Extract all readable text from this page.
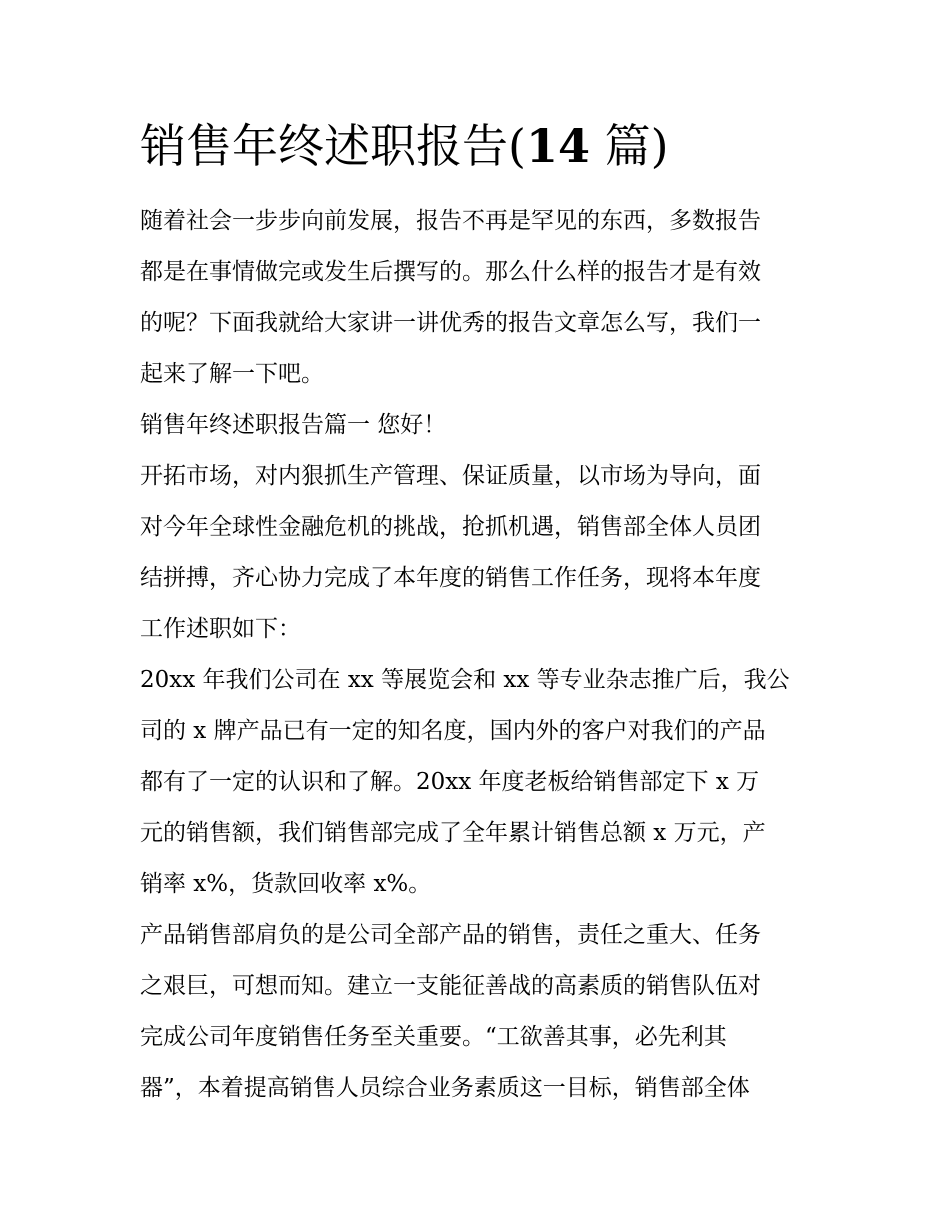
销售年终述职报告(14 篇)

随着社会一步步向前发展，报告不再是罕见的东西，多数报告

都是在事情做完或发生后撰写的。那么什么样的报告才是有效

的呢？下面我就给大家讲一讲优秀的报告文章怎么写，我们一

起来了解一下吧。

销售年终述职报告篇一 您好！

开拓市场，对内狠抓生产管理、保证质量，以市场为导向，面

对今年全球性金融危机的挑战，抢抓机遇，销售部全体人员团

结拼搏，齐心协力完成了本年度的销售工作任务，现将本年度

工作述职如下：

20xx 年我们公司在 xx 等展览会和 xx 等专业杂志推广后，我公

司的 x 牌产品已有一定的知名度，国内外的客户对我们的产品

都有了一定的认识和了解。20xx 年度老板给销售部定下 x 万

元的销售额，我们销售部完成了全年累计销售总额 x 万元，产

销率 x%，货款回收率 x%。

产品销售部肩负的是公司全部产品的销售，责任之重大、任务

之艰巨，可想而知。建立一支能征善战的高素质的销售队伍对

完成公司年度销售任务至关重要。“工欲善其事，必先利其

器”，本着提高销售人员综合业务素质这一目标，销售部全体
